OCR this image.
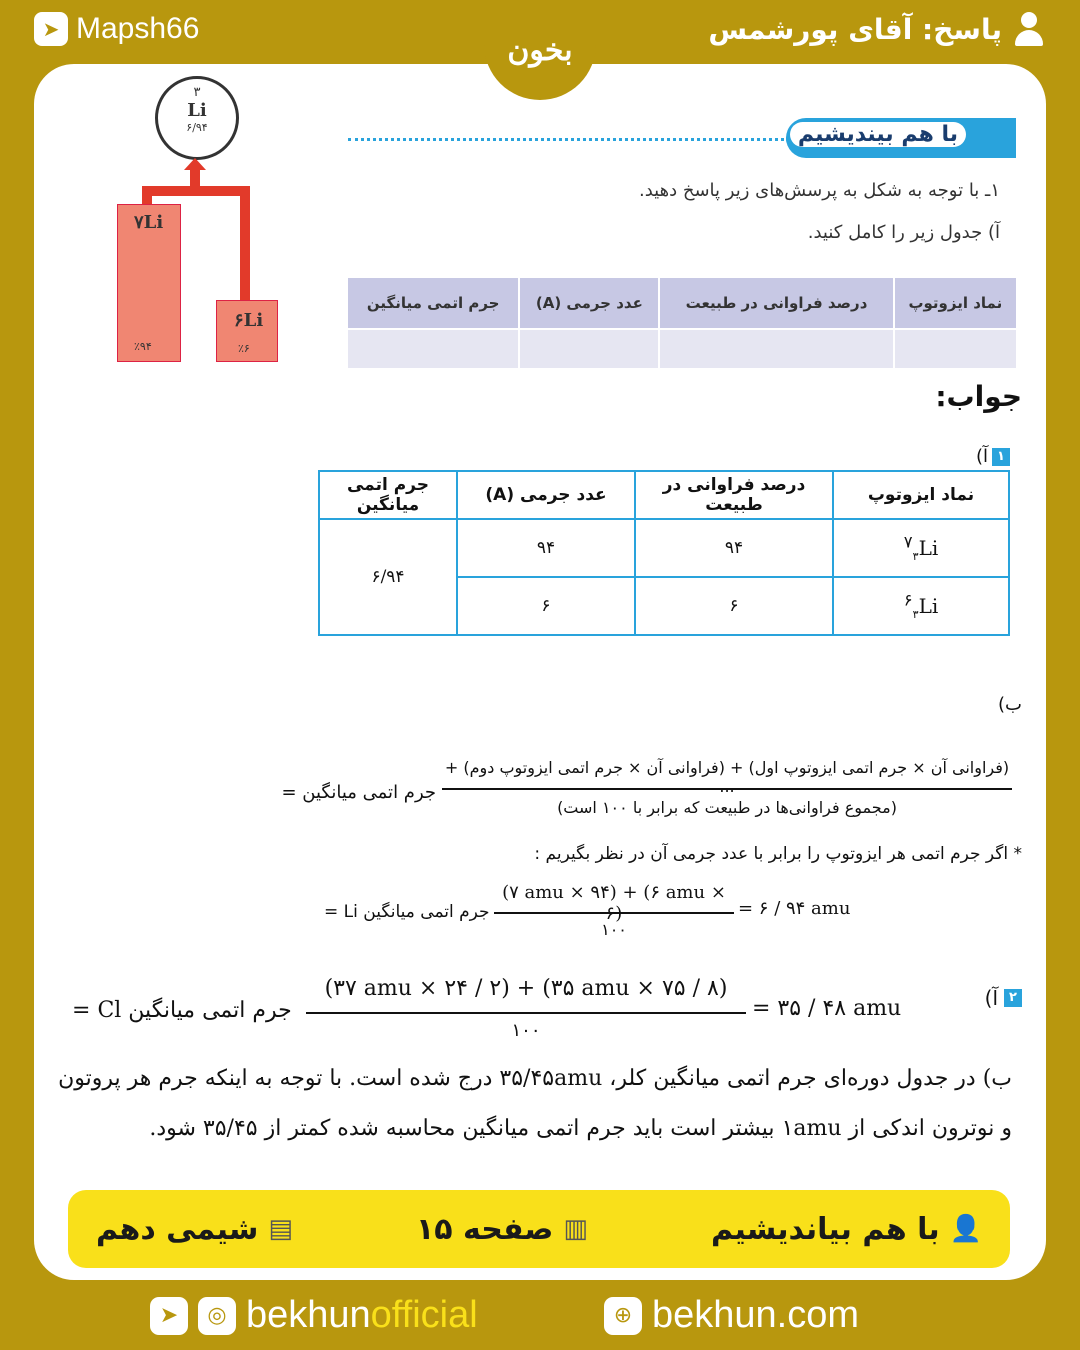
➤ Mapsh66	پاسخ: آقای پورشمس
بخون
۳
Li
۶/۹۴
۷Li
٪۹۴
۶Li
٪۶
با هم بیندیشیم
۱ـ با توجه به شکل به پرسش‌های زیر پاسخ دهید.
آ) جدول زیر را کامل کنید.
نماد ایزوتوپ	درصد فراوانی در طبیعت	عدد جرمی (A)	جرم اتمی میانگین

جواب:
۱
آ)
نماد ایزوتوپ	درصد فراوانی در طبیعت	عدد جرمی (A)	جرم اتمی میانگین
$^۷_۳$Li	۹۴	۹۴	۶/۹۴
$^۶_۳$Li	۶	۶	
ب)
(فراوانی آن × جرم اتمی ایزوتوپ اول) + (فراوانی آن × جرم اتمی ایزوتوپ دوم) + ...
(مجموع فراوانی‌ها در طبیعت که برابر با ۱۰۰ است)
جرم اتمی میانگین =
* اگر جرم اتمی هر ایزوتوپ را برابر با عدد جرمی آن در نظر بگیریم :
جرم اتمی میانگین Li =
(۷ amu × ۹۴) + (۶ amu × ۶)
۱۰۰
= ۶ / ۹۴ amu
۲
آ)
جرم اتمی میانگین Cl =
(۳۷ amu × ۲۴ / ۲) + (۳۵ amu × ۷۵ / ۸)
۱۰۰
= ۳۵ / ۴۸ amu
ب) در جدول دوره‌ای جرم اتمی میانگین کلر، ۳۵/۴۵amu درج شده است. با توجه به اینکه جرم هر پروتون و نوترون اندکی از ۱amu بیشتر است باید جرم اتمی میانگین محاسبه شده کمتر از ۳۵/۴۵ شود.
👤
با هم بیاندیشیم
▥
صفحه ۱۵
▤
شیمی دهم
➤	◎ bekhunofficial	⊕ bekhun.com
